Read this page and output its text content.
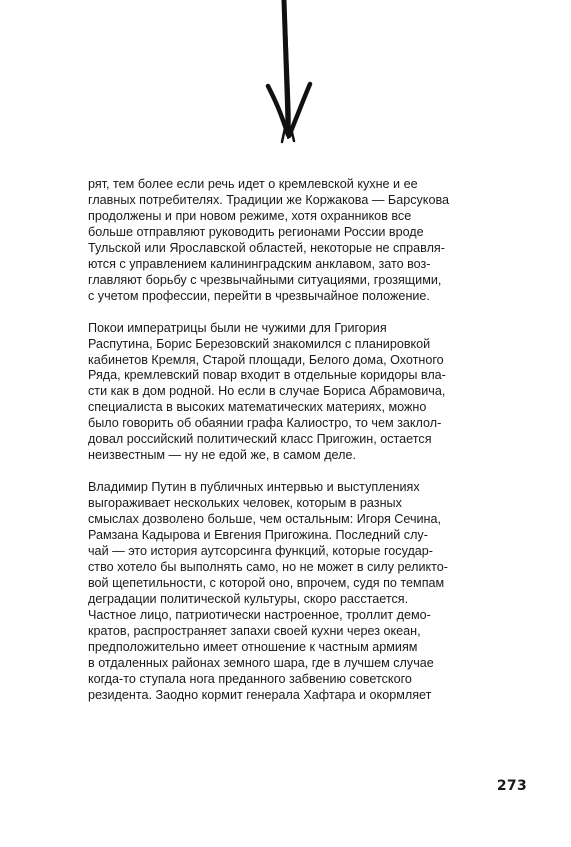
рят, тем более если речь идет о кремлевской кухне и ее
главных потребителях. Традиции же Коржакова — Барсукова
продолжены и при новом режиме, хотя охранников все
больше отправляют руководить регионами России вроде
Тульской или Ярославской областей, некоторые не справля-
ются с управлением калининградским анклавом, зато воз-
главляют борьбу с чрезвычайными ситуациями, грозящими,
с учетом профессии, перейти в чрезвычайное положение.
Покои императрицы были не чужими для Григория
Распутина, Борис Березовский знакомился с планировкой
кабинетов Кремля, Старой площади, Белого дома, Охотного
Ряда, кремлевский повар входит в отдельные коридоры вла-
сти как в дом родной. Но если в случае Бориса Абрамовича,
специалиста в высоких математических материях, можно
было говорить об обаянии графа Калиостро, то чем заклол-
довал российский политический класс Пригожин, остается
неизвестным — ну не едой же, в самом деле.
Владимир Путин в публичных интервью и выступлениях
выгораживает нескольких человек, которым в разных
смыслах дозволено больше, чем остальным: Игоря Сечина,
Рамзана Кадырова и Евгения Пригожина. Последний слу-
чай — это история аутсорсинга функций, которые государ-
ство хотело бы выполнять само, но не может в силу реликто-
вой щепетильности, с которой оно, впрочем, судя по темпам
деградации политической культуры, скоро расстается.
Частное лицо, патриотически настроенное, троллит демо-
кратов, распространяет запахи своей кухни через океан,
предположительно имеет отношение к частным армиям
в отдаленных районах земного шара, где в лучшем случае
когда-то ступала нога преданного забвению советского
резидента. Заодно кормит генерала Хафтара и окормляет
273
